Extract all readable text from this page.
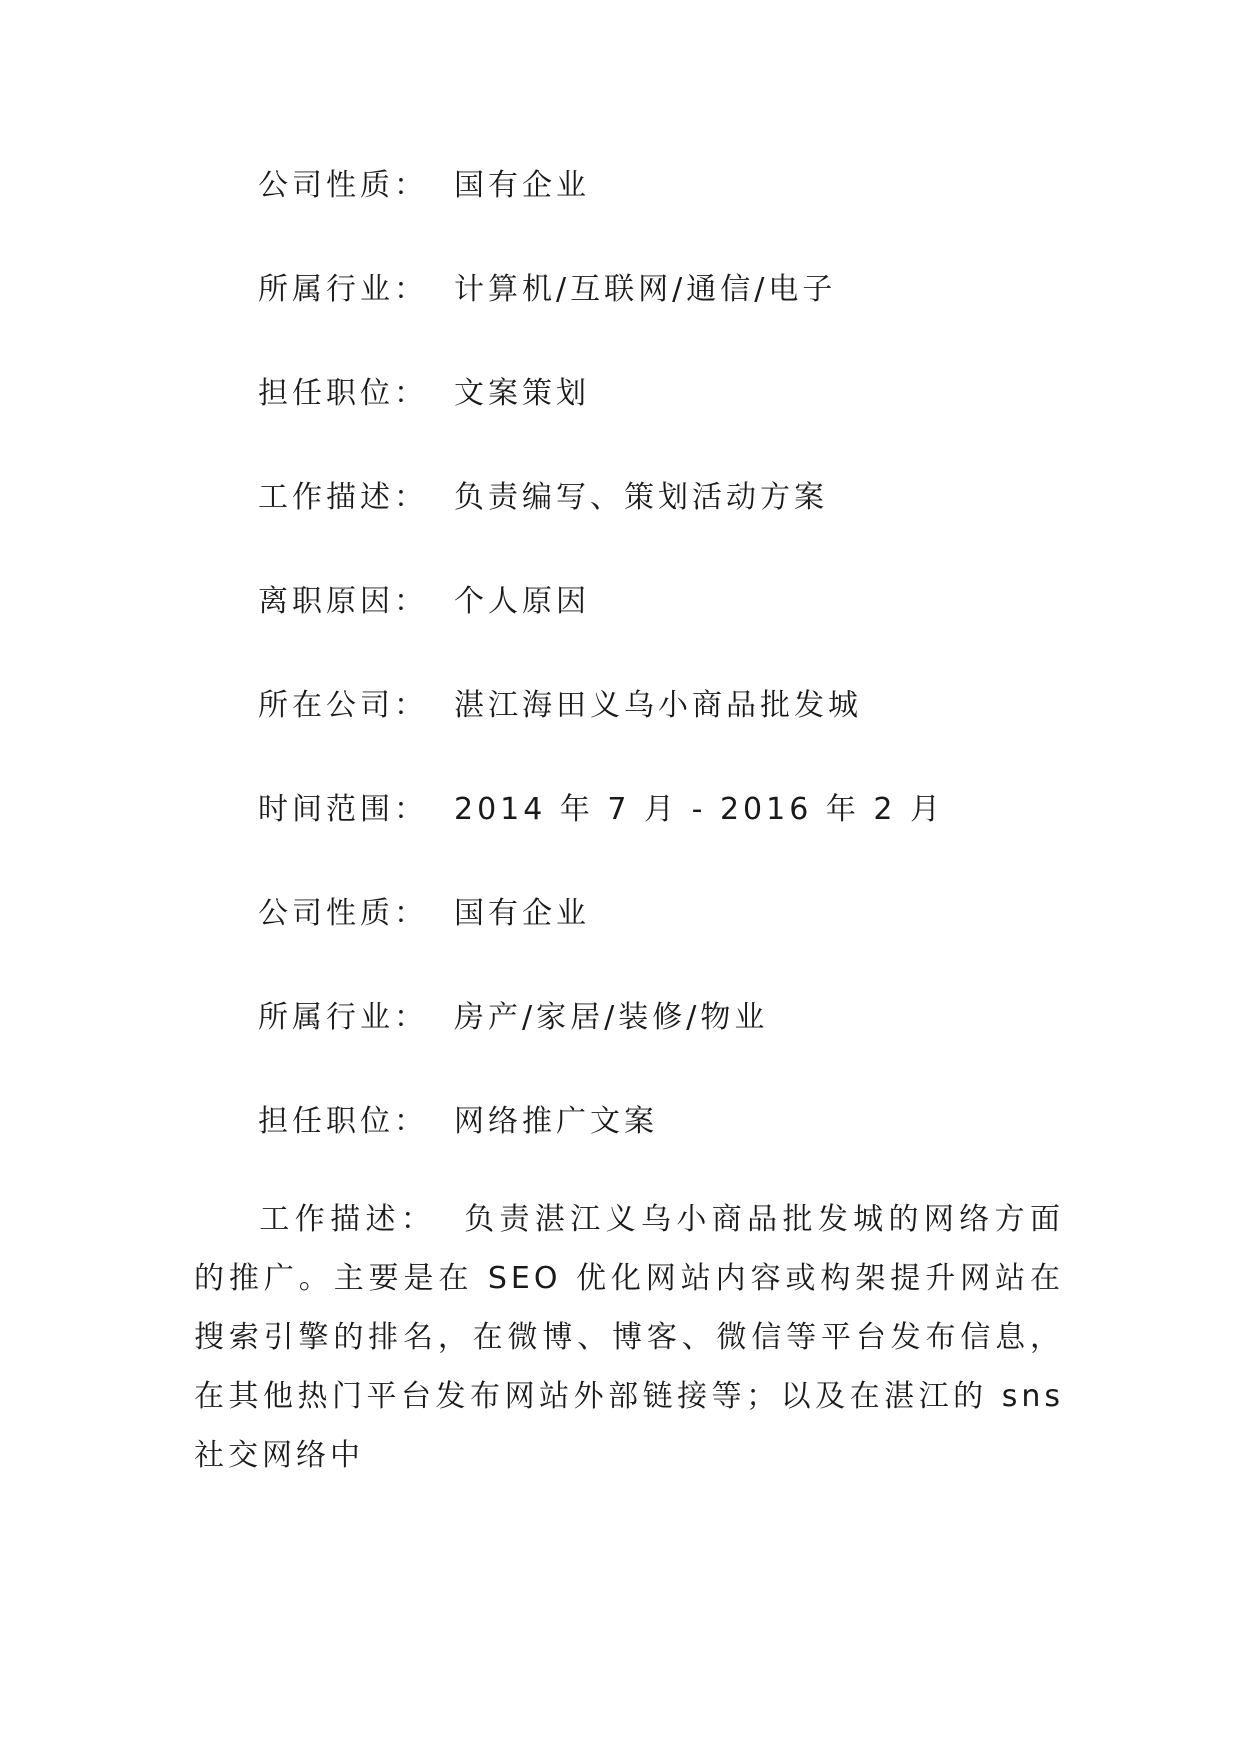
公司性质： 国有企业
所属行业： 计算机/互联网/通信/电子
担任职位： 文案策划
工作描述： 负责编写、策划活动方案
离职原因： 个人原因
所在公司： 湛江海田义乌小商品批发城
时间范围： 2014 年 7 月 - 2016 年 2 月
公司性质： 国有企业
所属行业： 房产/家居/装修/物业
担任职位： 网络推广文案
工作描述： 负责湛江义乌小商品批发城的网络方面的推广。主要是在 SEO 优化网站内容或构架提升网站在搜索引擎的排名，在微博、博客、微信等平台发布信息，在其他热门平台发布网站外部链接等；以及在湛江的 sns 社交网络中
